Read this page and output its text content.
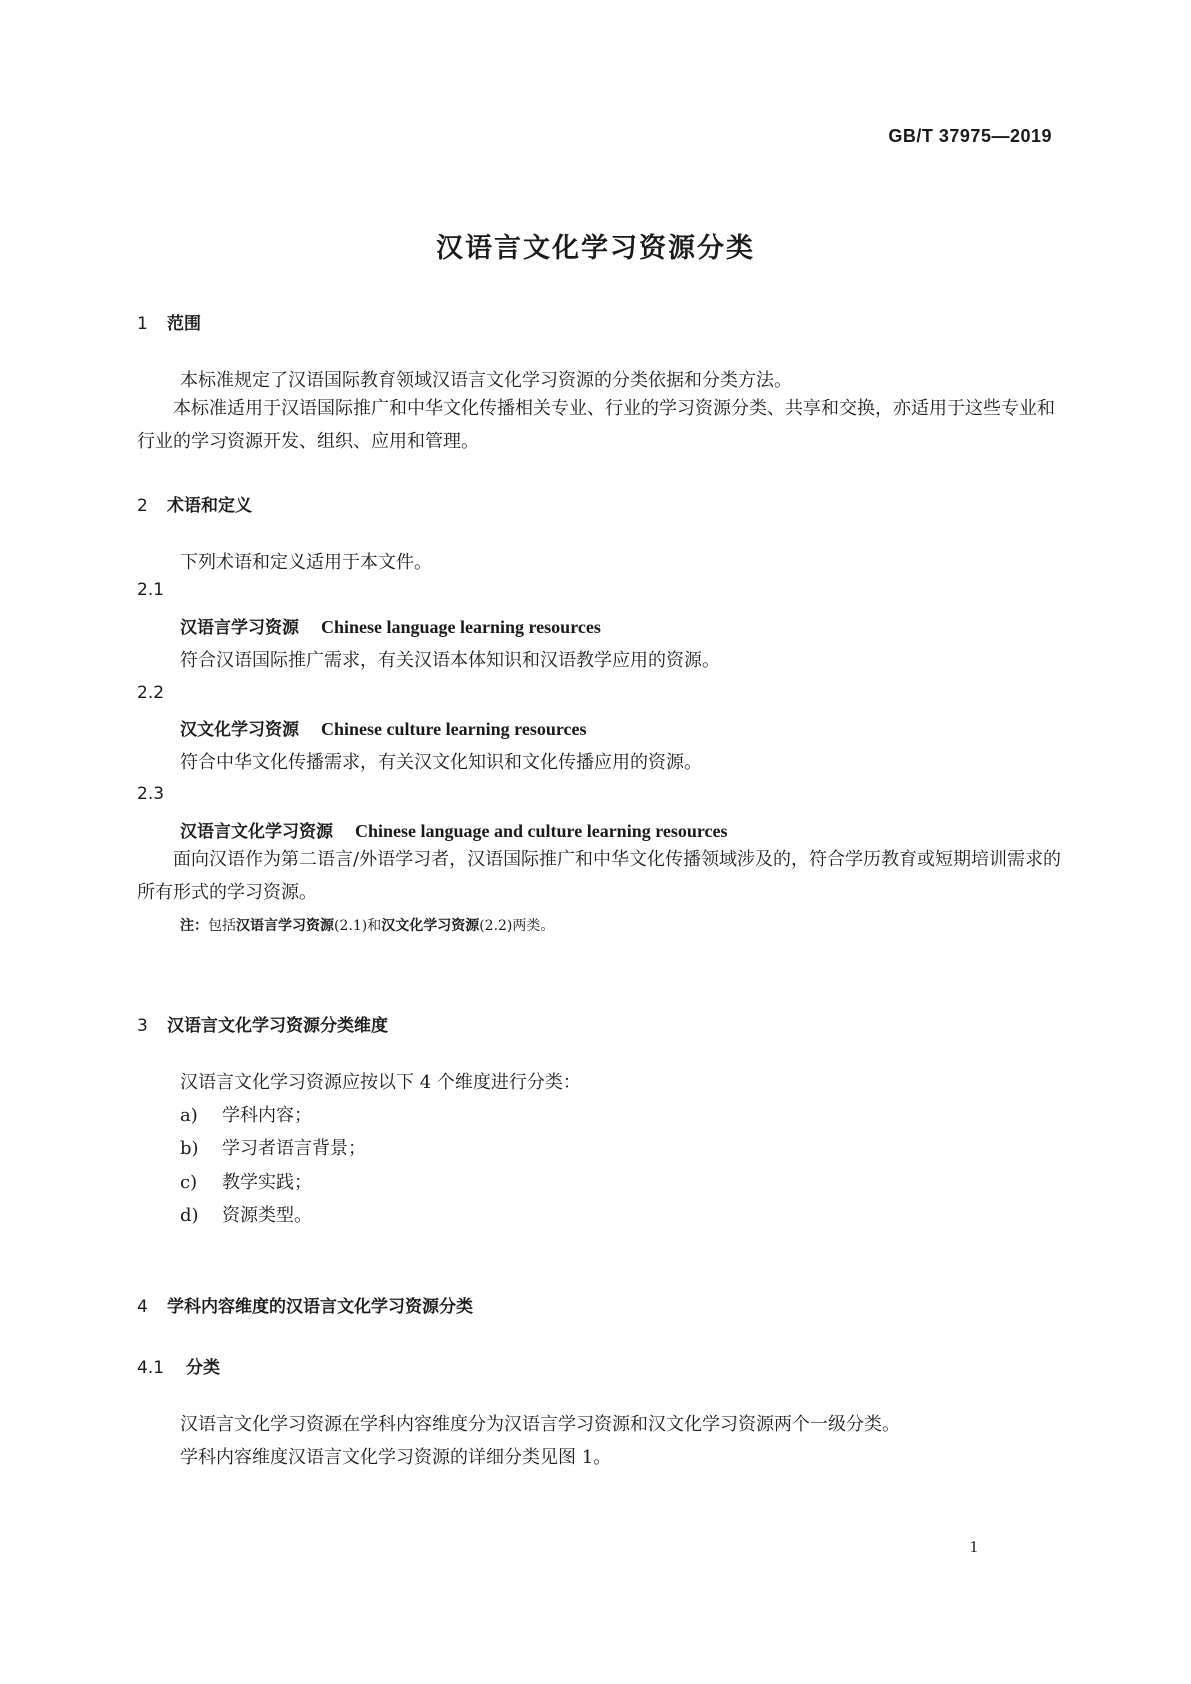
GB/T 37975—2019
汉语言文化学习资源分类
1 范围
本标准规定了汉语国际教育领域汉语言文化学习资源的分类依据和分类方法。
本标准适用于汉语国际推广和中华文化传播相关专业、行业的学习资源分类、共享和交换，亦适用于这些专业和行业的学习资源开发、组织、应用和管理。
2 术语和定义
下列术语和定义适用于本文件。
2.1
汉语言学习资源 Chinese language learning resources
符合汉语国际推广需求，有关汉语本体知识和汉语教学应用的资源。
2.2
汉文化学习资源 Chinese culture learning resources
符合中华文化传播需求，有关汉文化知识和文化传播应用的资源。
2.3
汉语言文化学习资源 Chinese language and culture learning resources
面向汉语作为第二语言/外语学习者，汉语国际推广和中华文化传播领域涉及的，符合学历教育或短期培训需求的所有形式的学习资源。
注：包括汉语言学习资源(2.1)和汉文化学习资源(2.2)两类。
3 汉语言文化学习资源分类维度
汉语言文化学习资源应按以下 4 个维度进行分类：
a) 学科内容；
b) 学习者语言背景；
c) 教学实践；
d) 资源类型。
4 学科内容维度的汉语言文化学习资源分类
4.1 分类
汉语言文化学习资源在学科内容维度分为汉语言学习资源和汉文化学习资源两个一级分类。
学科内容维度汉语言文化学习资源的详细分类见图 1。
1
